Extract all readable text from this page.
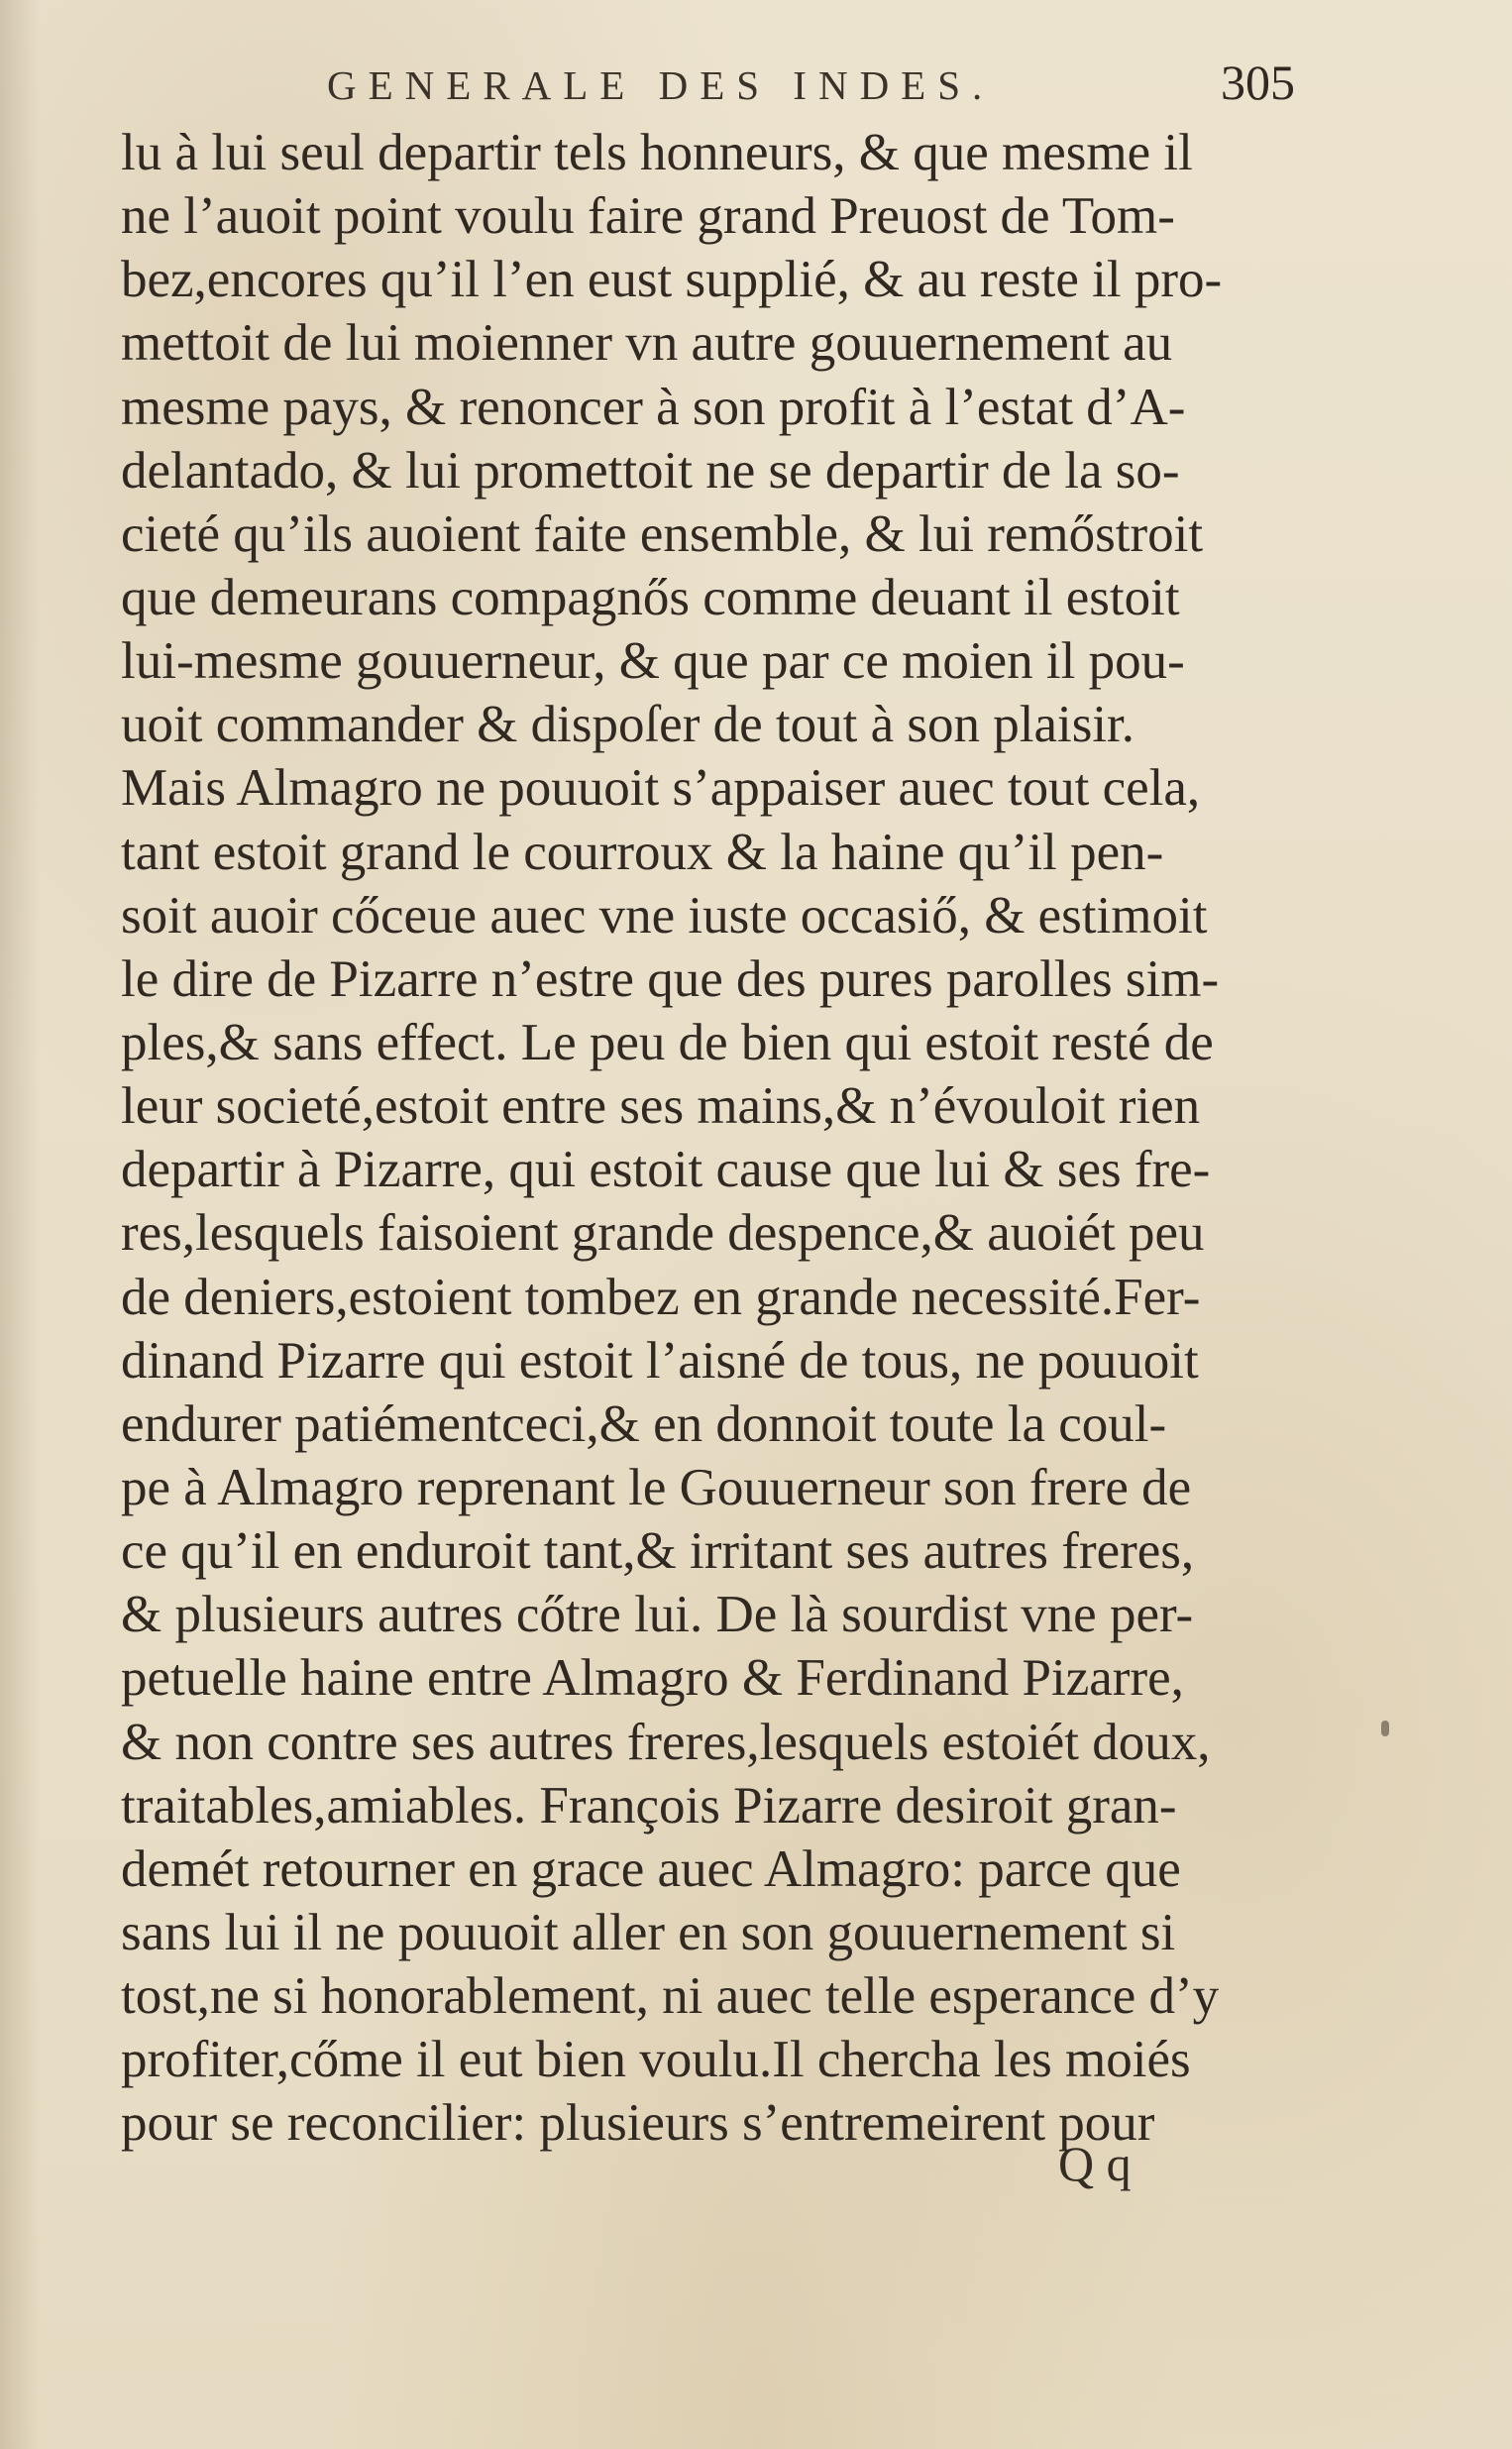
GENERALE DES INDES.	305
lu à lui seul departir tels honneurs, & que mesme il
ne l’auoit point voulu faire grand Preuost de Tom-
bez,encores qu’il l’en eust supplié, & au reste il pro-
mettoit de lui moienner vn autre gouuernement au
mesme pays, & renoncer à son profit à l’estat d’A-
delantado, & lui promettoit ne se departir de la so-
cieté qu’ils auoient faite ensemble, & lui remőstroit
que demeurans compagnős comme deuant il estoit
lui-mesme gouuerneur, & que par ce moien il pou-
uoit commander & dispoſer de tout à son plaisir.
Mais Almagro ne pouuoit s’appaiser auec tout cela,
tant estoit grand le courroux & la haine qu’il pen-
soit auoir cőceue auec vne iuste occasiő, & estimoit
le dire de Pizarre n’estre que des pures parolles sim-
ples,& sans effect. Le peu de bien qui estoit resté de
leur societé,estoit entre ses mains,& n’évouloit rien
departir à Pizarre, qui estoit cause que lui & ses fre-
res,lesquels faisoient grande despence,& auoiét peu
de deniers,estoient tombez en grande necessité.Fer-
dinand Pizarre qui estoit l’aisné de tous, ne pouuoit
endurer patiémentceci,& en donnoit toute la coul-
pe à Almagro reprenant le Gouuerneur son frere de
ce qu’il en enduroit tant,& irritant ses autres freres,
& plusieurs autres cőtre lui. De là sourdist vne per-
petuelle haine entre Almagro & Ferdinand Pizarre,
& non contre ses autres freres,lesquels estoiét doux,
traitables,amiables. François Pizarre desiroit gran-
demét retourner en grace auec Almagro: parce que
sans lui il ne pouuoit aller en son gouuernement si
tost,ne si honorablement, ni auec telle esperance d’y
profiter,cőme il eut bien voulu.Il chercha les moiés
pour se reconcilier: plusieurs s’entremeirent pour
Q q
